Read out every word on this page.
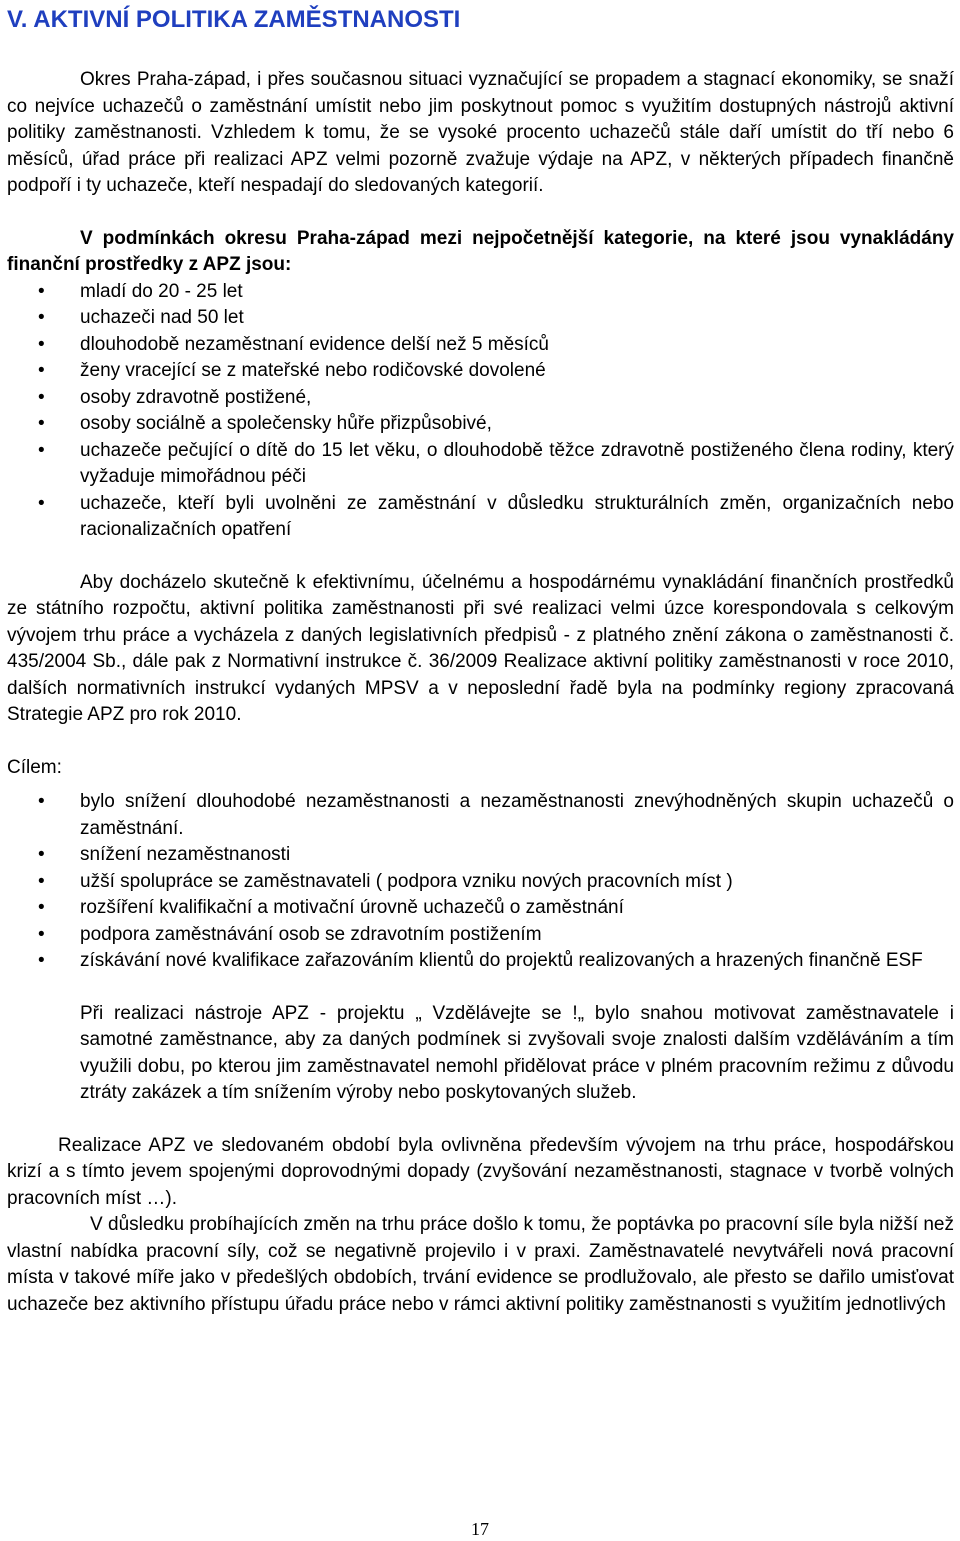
V. AKTIVNÍ POLITIKA ZAMĚSTNANOSTI

Okres Praha-západ, i přes současnou situaci vyznačující se propadem a stagnací ekonomiky, se snaží co nejvíce uchazečů o zaměstnání umístit nebo jim poskytnout pomoc s využitím dostupných nástrojů aktivní politiky zaměstnanosti. Vzhledem k tomu, že se vysoké procento uchazečů stále daří umístit do tří nebo 6 měsíců, úřad práce při realizaci APZ velmi pozorně zvažuje výdaje na APZ, v některých případech finančně podpoří i ty uchazeče, kteří nespadají do sledovaných kategorií.

V podmínkách okresu Praha-západ mezi nejpočetnější kategorie, na které jsou vynakládány finanční prostředky z APZ jsou:

• mladí do 20 - 25 let
• uchazeči nad 50 let
• dlouhodobě nezaměstnaní evidence delší než 5 měsíců
• ženy vracející se z mateřské nebo rodičovské dovolené
• osoby zdravotně postižené,
• osoby sociálně a společensky hůře přizpůsobivé,
• uchazeče pečující o dítě do 15 let věku, o dlouhodobě těžce zdravotně postiženého člena rodiny, který vyžaduje mimořádnou péči
• uchazeče, kteří byli uvolněni ze zaměstnání v důsledku strukturálních změn, organizačních nebo racionalizačních opatření

Aby docházelo skutečně k efektivnímu, účelnému a hospodárnému vynakládání finančních prostředků ze státního rozpočtu, aktivní politika zaměstnanosti při své realizaci velmi úzce korespondovala s celkovým vývojem trhu práce a vycházela z daných legislativních předpisů - z platného znění zákona o zaměstnanosti č. 435/2004 Sb., dále pak z Normativní instrukce č. 36/2009 Realizace aktivní politiky zaměstnanosti v roce 2010, dalších normativních instrukcí vydaných MPSV a v neposlední řadě byla na podmínky regiony zpracovaná Strategie APZ pro rok 2010.

Cílem:

• bylo snížení dlouhodobé nezaměstnanosti a nezaměstnanosti znevýhodněných skupin uchazečů o zaměstnání.
• snížení nezaměstnanosti
• užší spolupráce se zaměstnavateli ( podpora vzniku nových pracovních míst )
• rozšíření kvalifikační a motivační úrovně uchazečů o zaměstnání
• podpora zaměstnávání osob se zdravotním postižením
• získávání nové kvalifikace zařazováním klientů do projektů realizovaných a hrazených finančně ESF

Při realizaci nástroje APZ - projektu „ Vzdělávejte se !„ bylo snahou motivovat zaměstnavatele i samotné zaměstnance, aby za daných podmínek si zvyšovali svoje znalosti dalším vzděláváním a tím využili dobu, po kterou jim zaměstnavatel nemohl přidělovat práce v plném pracovním režimu z důvodu ztráty zakázek a tím snížením výroby nebo poskytovaných služeb.

Realizace APZ ve sledovaném období byla ovlivněna především vývojem na trhu práce, hospodářskou krizí a s tímto jevem spojenými doprovodnými dopady (zvyšování nezaměstnanosti, stagnace v tvorbě volných pracovních míst …).

V důsledku probíhajících změn na trhu práce došlo k tomu, že poptávka po pracovní síle byla nižší než vlastní nabídka pracovní síly, což se negativně projevilo i v praxi. Zaměstnavatelé nevytvářeli nová pracovní místa v takové míře jako v předešlých obdobích, trvání evidence se prodlužovalo, ale přesto se dařilo umisťovat uchazeče bez aktivního přístupu úřadu práce nebo v rámci aktivní politiky zaměstnanosti s využitím jednotlivých

17
